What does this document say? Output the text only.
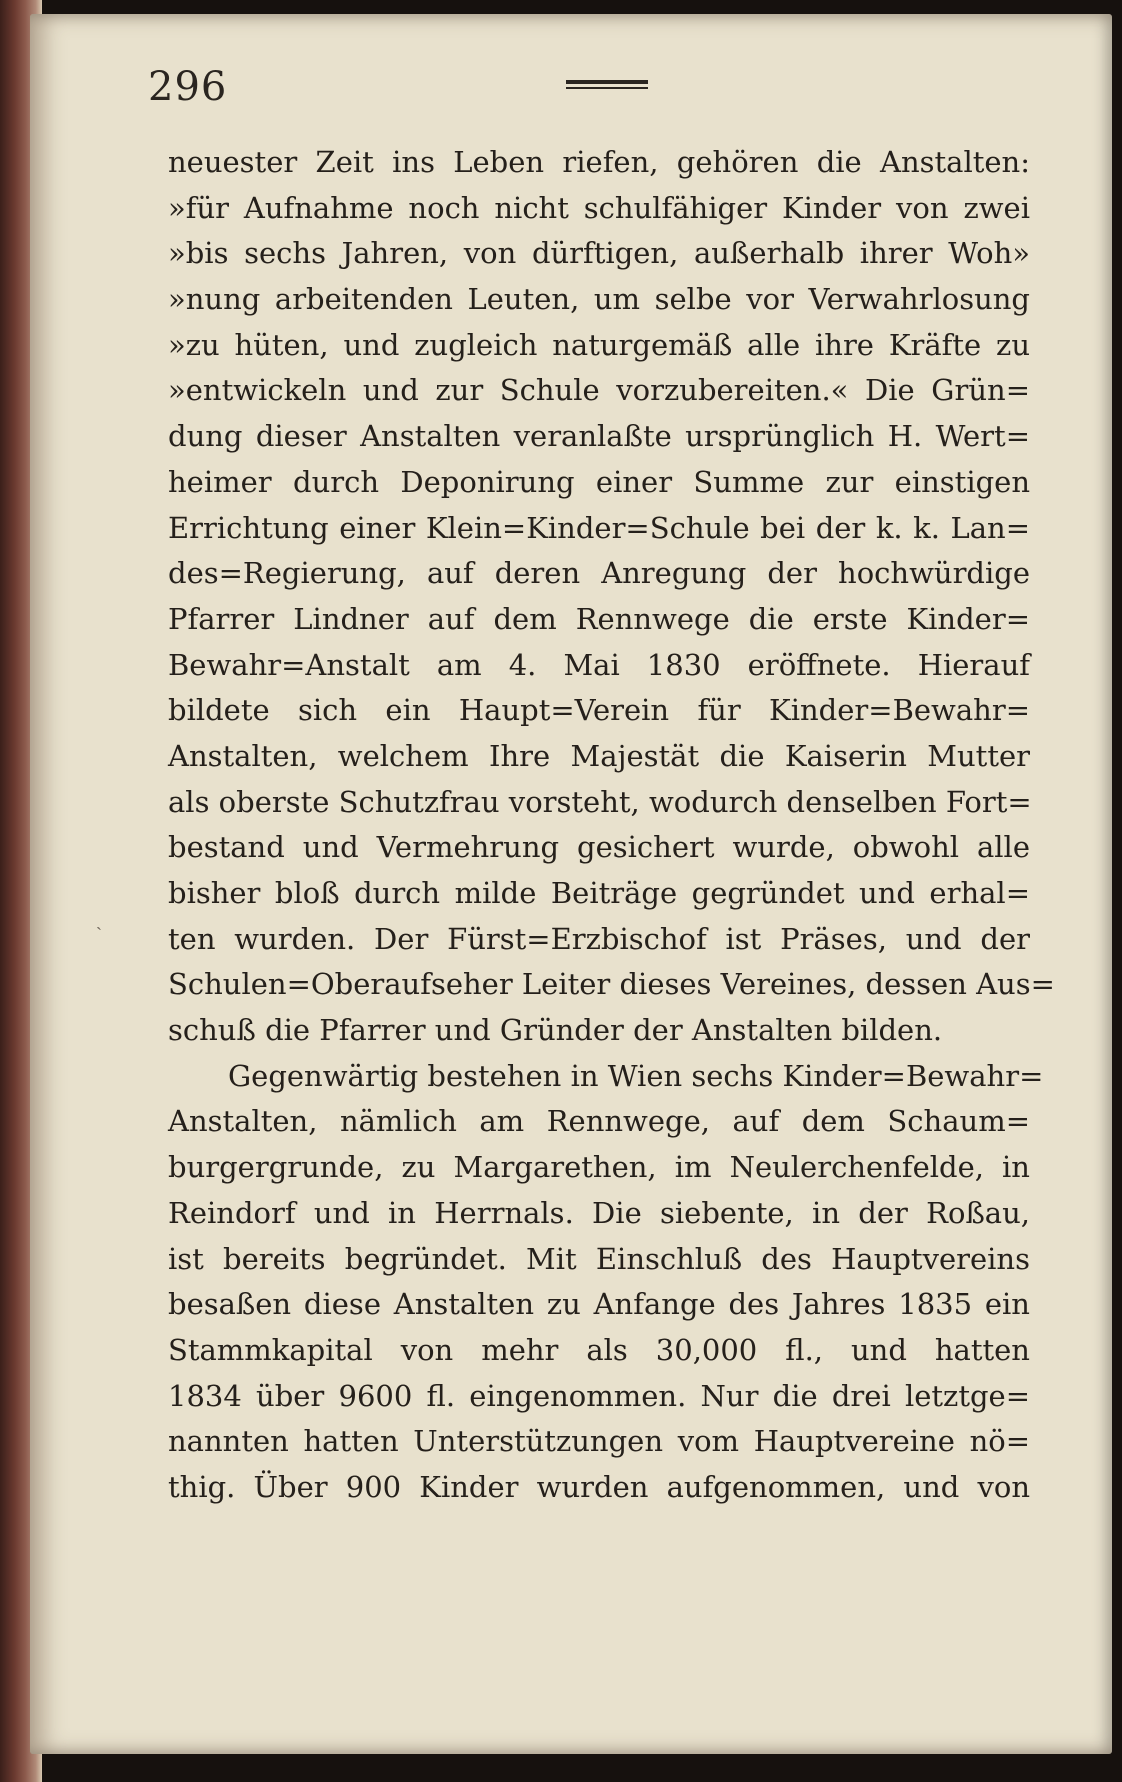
296
ˏ
neuester Zeit ins Leben riefen, gehören die Anstalten:
»für Aufnahme noch nicht schulfähiger Kinder von zwei
»bis sechs Jahren, von dürftigen, außerhalb ihrer Woh»
»nung arbeitenden Leuten, um selbe vor Verwahrlosung
»zu hüten, und zugleich naturgemäß alle ihre Kräfte zu
»entwickeln und zur Schule vorzubereiten.« Die Grün=
dung dieser Anstalten veranlaßte ursprünglich H. Wert=
heimer durch Deponirung einer Summe zur einstigen
Errichtung einer Klein=Kinder=Schule bei der k. k. Lan=
des=Regierung, auf deren Anregung der hochwürdige
Pfarrer Lindner auf dem Rennwege die erste Kinder=
Bewahr=Anstalt am 4. Mai 1830 eröffnete. Hierauf
bildete sich ein Haupt=Verein für Kinder=Bewahr=
Anstalten, welchem Ihre Majestät die Kaiserin Mutter
als oberste Schutzfrau vorsteht, wodurch denselben Fort=
bestand und Vermehrung gesichert wurde, obwohl alle
bisher bloß durch milde Beiträge gegründet und erhal=
ten wurden. Der Fürst=Erzbischof ist Präses, und der
Schulen=Oberaufseher Leiter dieses Vereines, dessen Aus=
schuß die Pfarrer und Gründer der Anstalten bilden.
Gegenwärtig bestehen in Wien sechs Kinder=Bewahr=
Anstalten, nämlich am Rennwege, auf dem Schaum=
burgergrunde, zu Margarethen, im Neulerchenfelde, in
Reindorf und in Herrnals. Die siebente, in der Roßau,
ist bereits begründet. Mit Einschluß des Hauptvereins
besaßen diese Anstalten zu Anfange des Jahres 1835 ein
Stammkapital von mehr als 30,000 fl., und hatten
1834 über 9600 fl. eingenommen. Nur die drei letztge=
nannten hatten Unterstützungen vom Hauptvereine nö=
thig. Über 900 Kinder wurden aufgenommen, und von
